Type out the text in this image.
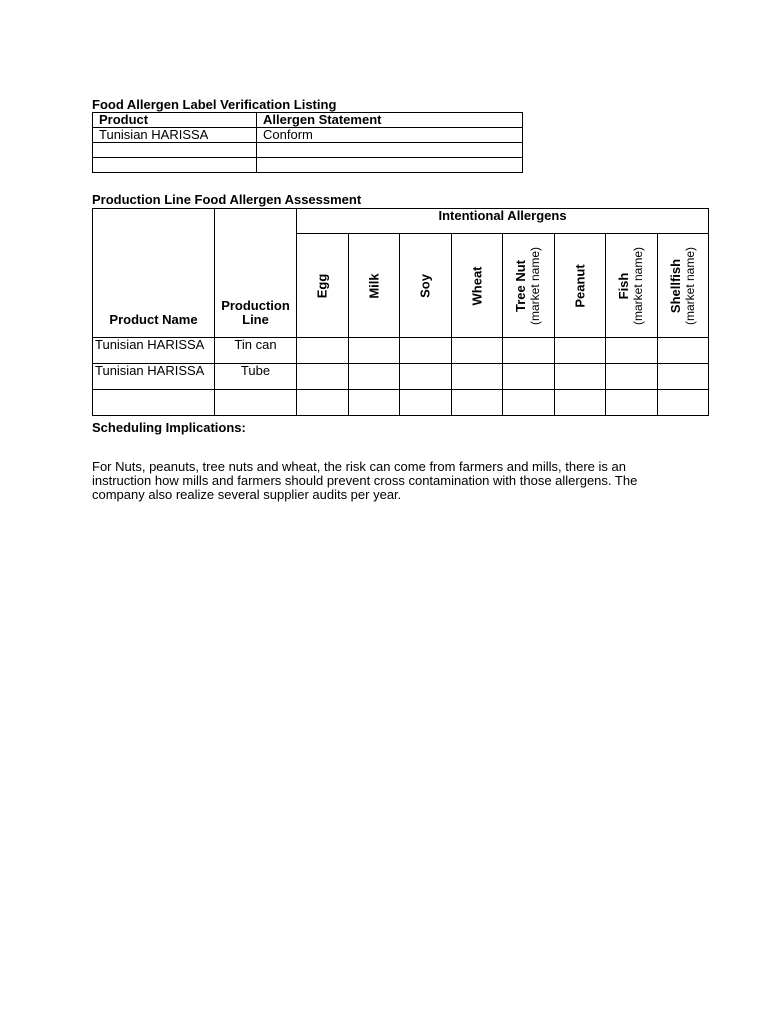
Food Allergen Label Verification Listing
Product	Allergen Statement
Tunisian HARISSA	Conform

Production Line Food Allergen Assessment
Product Name	Production Line	Intentional Allergens							

		Egg	Milk	Soy	Wheat	Tree Nut (market name)	Peanut	Fish (market name)	Shellfish (market name)

Tunisian HARISSA	Tin can								
Tunisian HARISSA	Tube								

Scheduling Implications:
For Nuts, peanuts, tree nuts and wheat, the risk can come from farmers and mills, there is an instruction how mills and farmers should prevent cross contamination with those allergens. The company also realize several supplier audits per year.
